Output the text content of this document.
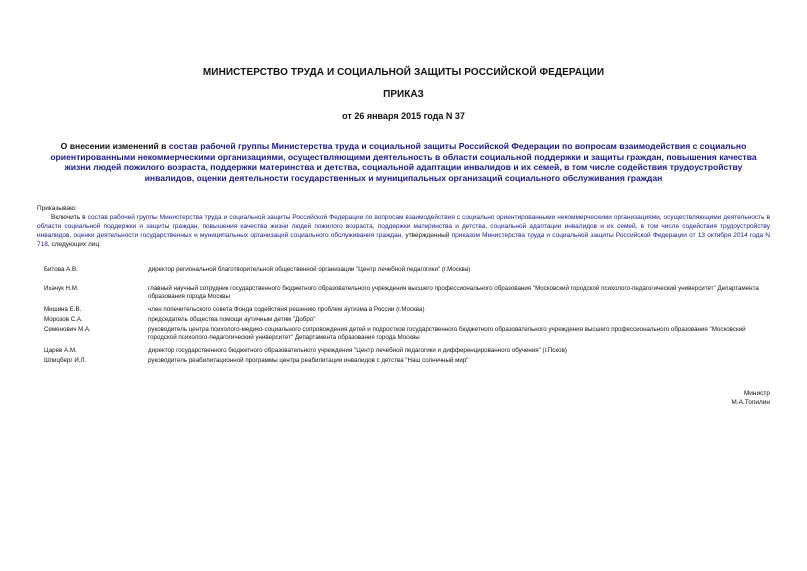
МИНИСТЕРСТВО ТРУДА И СОЦИАЛЬНОЙ ЗАЩИТЫ РОССИЙСКОЙ ФЕДЕРАЦИИ
ПРИКАЗ
от 26 января 2015 года N 37
О внесении изменений в состав рабочей группы Министерства труда и социальной защиты Российской Федерации по вопросам взаимодействия с социально ориентированными некоммерческими организациями, осуществляющими деятельность в области социальной поддержки и защиты граждан, повышения качества жизни людей пожилого возраста, поддержки материнства и детства, социальной адаптации инвалидов и их семей, в том числе содействия трудоустройству инвалидов, оценки деятельности государственных и муниципальных организаций социального обслуживания граждан

Приказываю:

Включить в состав рабочей группы Министерства труда и социальной защиты Российской Федерации по вопросам взаимодействия с социально ориентированными некоммерческими организациями, осуществляющими деятельность в области социальной поддержки и защиты граждан, повышения качества жизни людей пожилого возраста, поддержки материнства и детства, социальной адаптации инвалидов и их семей, в том числе содействия трудоустройству инвалидов, оценки деятельности государственных и муниципальных организаций социального обслуживания граждан, утвержденный приказом Министерства труда и социальной защиты Российской Федерации от 13 октября 2014 года N 718, следующих лиц:

Битова А.В.	директор региональной благотворительной общественной организации "Центр лечебной педагогики" (г.Москва)
Ихачук Н.М.	главный научный сотрудник государственного бюджетного образовательного учреждения высшего профессионального образования "Московский городской психолого-педагогический университет" Департамента образования города Москвы
Мишина Е.В.	член попечительского совета Фонда содействия решению проблем аутизма в России (г.Москва)
Морозов С.А.	председатель общества помощи аутичным детям "Добро"
Семенович М.А.	руководитель центра психолого-медико-социального сопровождения детей и подростков государственного бюджетного образовательного учреждения высшего профессионального образования "Московский городской психолого-педагогический университет" Департамента образования города Москвы
Царев А.М.	директор государственного бюджетного образовательного учреждения "Центр лечебной педагогики и дифференцированного обучения" (г.Псков)
Шпицберг И.Л.	руководитель реабилитационной программы центра реабилитации инвалидов с детства "Наш солнечный мир"
Министр
М.А.Топилин
